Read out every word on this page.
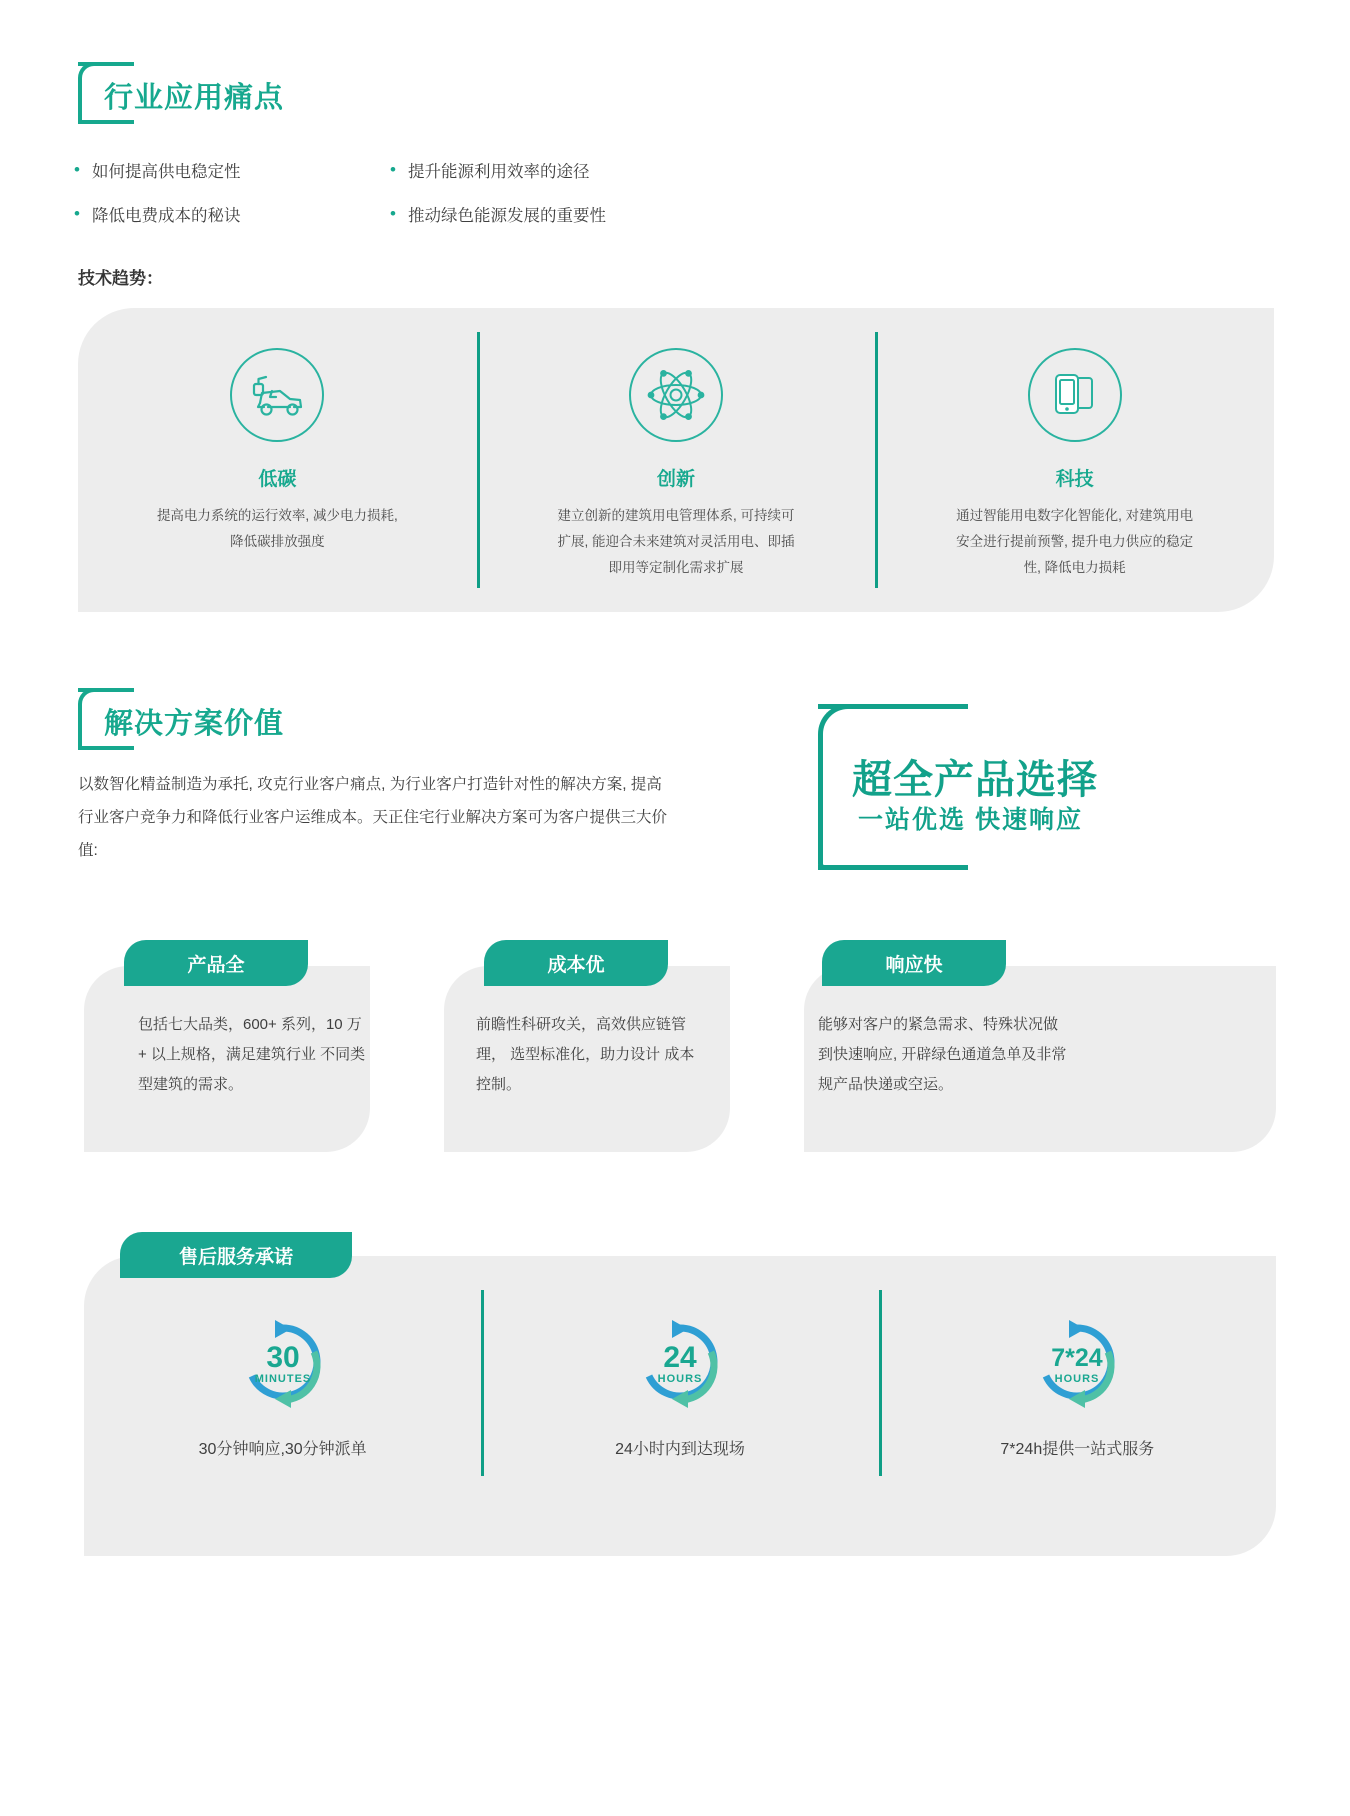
行业应用痛点
• 如何提高供电稳定性
• 降低电费成本的秘诀
• 提升能源利用效率的途径
• 推动绿色能源发展的重要性
技术趋势：
低碳
提高电力系统的运行效率, 减少电力损耗, 降低碳排放强度
创新
建立创新的建筑用电管理体系, 可持续可扩展, 能迎合未来建筑对灵活用电、即插即用等定制化需求扩展
科技
通过智能用电数字化智能化, 对建筑用电安全进行提前预警, 提升电力供应的稳定性, 降低电力损耗
解决方案价值
以数智化精益制造为承托, 攻克行业客户痛点, 为行业客户打造针对性的解决方案, 提高行业客户竞争力和降低行业客户运维成本。天正住宅行业解决方案可为客户提供三大价值:
超全产品选择
一站优选 快速响应
产品全
包括七大品类，600+ 系列，10 万 + 以上规格，满足建筑行业 不同类型建筑的需求。
成本优
前瞻性科研攻关，高效供应链管理， 选型标准化，助力设计 成本控制。
响应快
能够对客户的紧急需求、特殊状况做到快速响应, 开辟绿色通道急单及非常规产品快递或空运。
售后服务承诺
30
MINUTES
30分钟响应,30分钟派单
24
HOURS
24小时内到达现场
7*24
HOURS
7*24h提供一站式服务
